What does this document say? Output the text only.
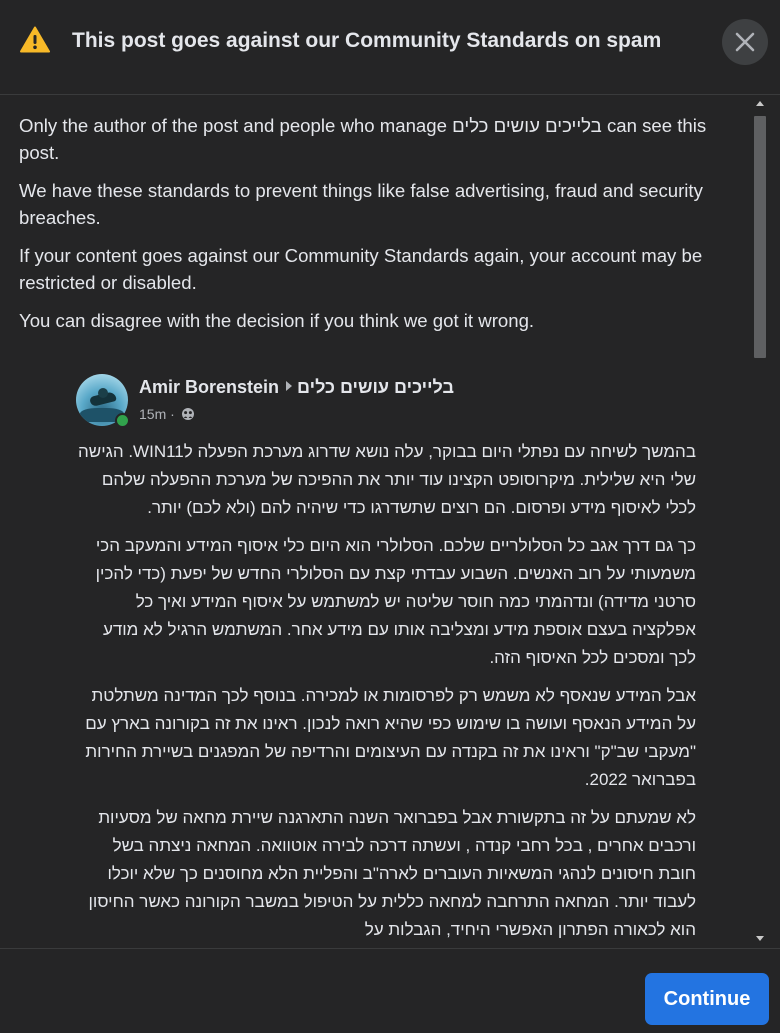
This post goes against our Community Standards on spam

Only the author of the post and people who manage בלייכים עושים כלים can see this post.

We have these standards to prevent things like false advertising, fraud and security breaches.

If your content goes against our Community Standards again, your account may be restricted or disabled.

You can disagree with the decision if you think we got it wrong.

Amir Borenstein בלייכים עושים כלים
15m ·

בהמשך לשיחה עם נפתלי היום בבוקר, עלה נושא שדרוג מערכת הפעלה לWIN11. הגישה שלי היא שלילית. מיקרוסופט הקצינו עוד יותר את ההפיכה של מערכת ההפעלה שלהם לכלי לאיסוף מידע ופרסום. הם רוצים שתשדרגו כדי שיהיה להם (ולא לכם) יותר.

כך גם דרך אגב כל הסלולריים שלכם. הסלולרי הוא היום כלי איסוף המידע והמעקב הכי משמעותי על רוב האנשים. השבוע עבדתי קצת עם הסלולרי החדש של יפעת (כדי להכין סרטני מדידה) ונדהמתי כמה חוסר שליטה יש למשתמש על איסוף המידע ואיך כל אפלקציה בעצם אוספת מידע ומצליבה אותו עם מידע אחר. המשתמש הרגיל לא מודע לכך ומסכים לכל האיסוף הזה.

אבל המידע שנאסף לא משמש רק לפרסומות או למכירה. בנוסף לכך המדינה משתלטת על המידע הנאסף ועושה בו שימוש כפי שהיא רואה לנכון. ראינו את זה בקורונה בארץ עם "מעקבי שב"ק" וראינו את זה בקנדה עם העיצומים והרדיפה של המפגנים בשיירת החירות בפברואר 2022.

לא שמעתם על זה בתקשורת אבל בפברואר השנה התארגנה שיירת מחאה של מסעיות ורכבים אחרים , בכל רחבי קנדה , ועשתה דרכה לבירה אוטוואה. המחאה ניצתה בשל חובת חיסונים לנהגי המשאיות העוברים לארה"ב והפליית הלא מחוסנים כך שלא יוכלו לעבוד יותר. המחאה התרחבה למחאה כללית על הטיפול במשבר הקורונה כאשר החיסון הוא לכאורה הפתרון האפשרי היחיד, הגבלות על

Continue
